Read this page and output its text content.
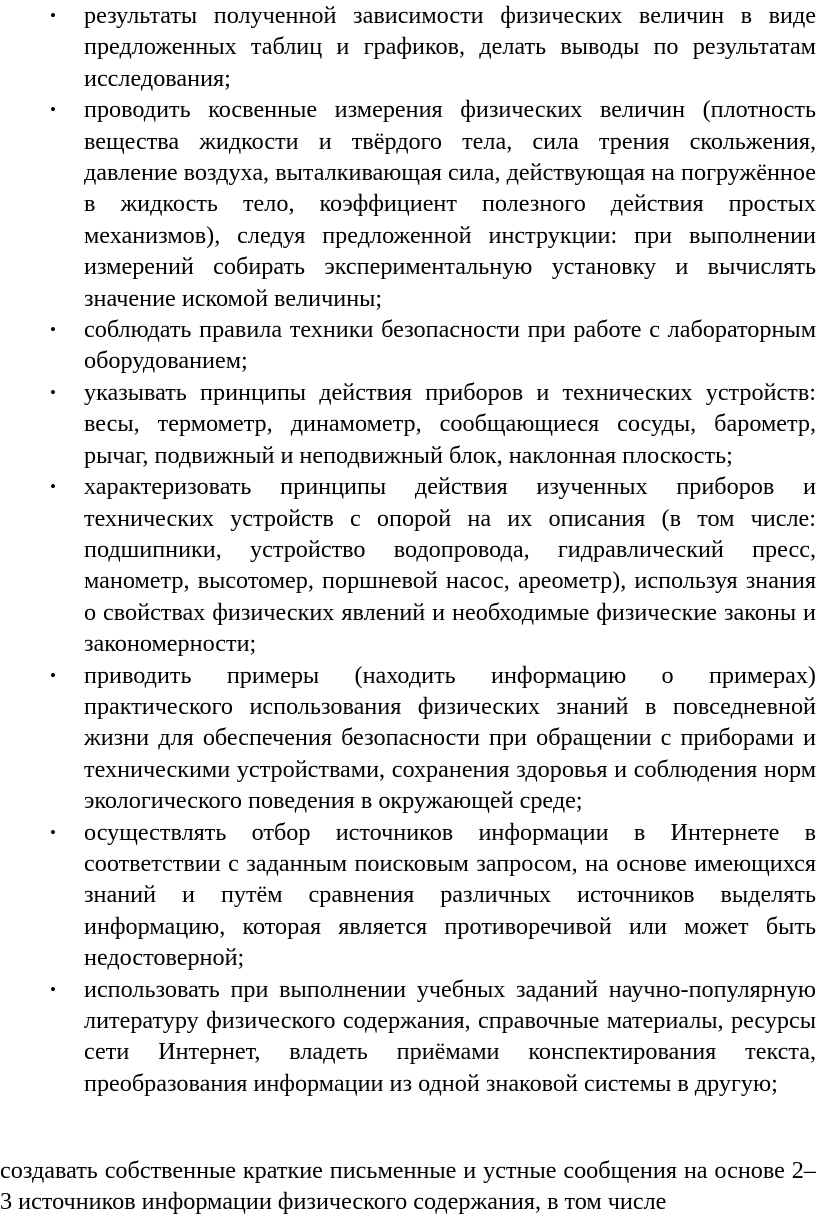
•	результаты полученной зависимости физических величин в виде предложенных таблиц и графиков, делать выводы по результатам исследования;
•	проводить косвенные измерения физических величин (плотность вещества жидкости и твёрдого тела, сила трения скольжения, давление воздуха, выталкивающая сила, действующая на погружённое в жидкость тело, коэффициент полезного действия простых механизмов), следуя предложенной инструкции: при выполнении измерений собирать экспериментальную установку и вычислять значение искомой величины;
•	соблюдать правила техники безопасности при работе с лабораторным оборудованием;
•	указывать принципы действия приборов и технических устройств: весы, термометр, динамометр, сообщающиеся сосуды, барометр, рычаг, подвижный и неподвижный блок, наклонная плоскость;
•	характеризовать принципы действия изученных приборов и технических устройств с опорой на их описания (в том числе: подшипники, устройство водопровода, гидравлический пресс, манометр, высотомер, поршневой насос, ареометр), используя знания о свойствах физических явлений и необходимые физические законы и закономерности;
•	приводить примеры (находить информацию о примерах) практического использования физических знаний в повседневной жизни для обеспечения безопасности при обращении с приборами и техническими устройствами, сохранения здоровья и соблюдения норм экологического поведения в окружающей среде;
•	осуществлять отбор источников информации в Интернете в соответствии с заданным поисковым запросом, на основе имеющихся знаний и путём сравнения различных источников выделять информацию, которая является противоречивой или может быть недостоверной;
•	использовать при выполнении учебных заданий научно-популярную литературу физического содержания, справочные материалы, ресурсы сети Интернет, владеть приёмами конспектирования текста, преобразования информации из одной знаковой системы в другую;

создавать собственные краткие письменные и устные сообщения на основе 2–3 источников информации физического содержания, в том числе
